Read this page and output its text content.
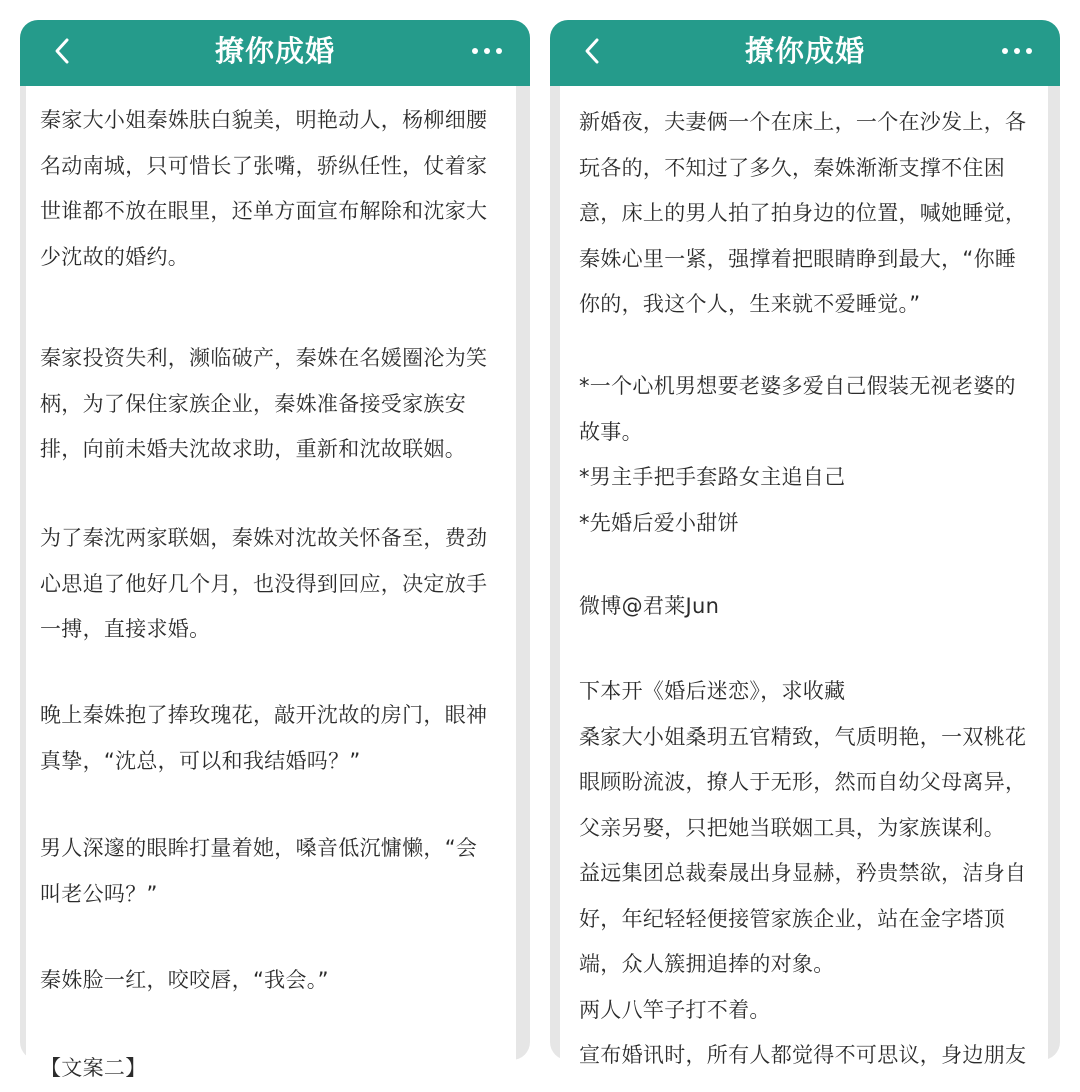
撩你成婚

秦家大小姐秦姝肤白貌美，明艳动人，杨柳细腰
名动南城，只可惜长了张嘴，骄纵任性，仗着家
世谁都不放在眼里，还单方面宣布解除和沈家大
少沈故的婚约。

秦家投资失利，濒临破产，秦姝在名媛圈沦为笑
柄，为了保住家族企业，秦姝准备接受家族安
排，向前未婚夫沈故求助，重新和沈故联姻。

为了秦沈两家联姻，秦姝对沈故关怀备至，费劲
心思追了他好几个月，也没得到回应，决定放手
一搏，直接求婚。

晚上秦姝抱了捧玫瑰花，敲开沈故的房门，眼神
真挚，“沈总，可以和我结婚吗？”

男人深邃的眼眸打量着她，嗓音低沉慵懒，“会
叫老公吗？”

秦姝脸一红，咬咬唇，“我会。”

【文案二】

撩你成婚

新婚夜，夫妻俩一个在床上，一个在沙发上，各
玩各的，不知过了多久，秦姝渐渐支撑不住困
意，床上的男人拍了拍身边的位置，喊她睡觉，
秦姝心里一紧，强撑着把眼睛睁到最大，“你睡
你的，我这个人，生来就不爱睡觉。”

*一个心机男想要老婆多爱自己假装无视老婆的
故事。
*男主手把手套路女主追自己
*先婚后爱小甜饼

微博@君莱Jun

下本开《婚后迷恋》，求收藏
桑家大小姐桑玥五官精致，气质明艳，一双桃花
眼顾盼流波，撩人于无形，然而自幼父母离异，
父亲另娶，只把她当联姻工具，为家族谋利。
益远集团总裁秦晟出身显赫，矜贵禁欲，洁身自
好，年纪轻轻便接管家族企业，站在金字塔顶
端，众人簇拥追捧的对象。
两人八竿子打不着。
宣布婚讯时，所有人都觉得不可思议，身边朋友
